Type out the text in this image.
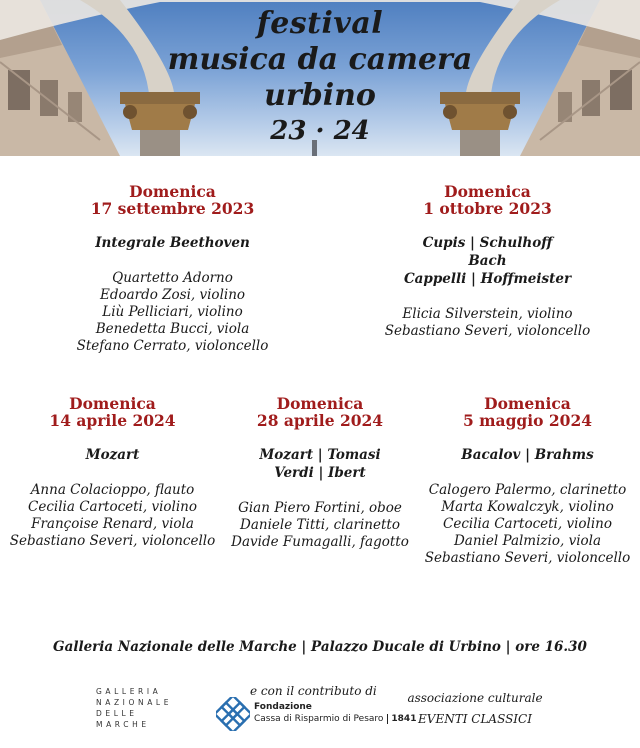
festival
musica da camera
urbino
23 · 24
Domenica
17 settembre 2023
Integrale Beethoven
Quartetto Adorno
Edoardo Zosi, violino
Liù Pelliciari, violino
Benedetta Bucci, viola
Stefano Cerrato, violoncello
Domenica
1 ottobre 2023
Cupis | Schulhoff
Bach
Cappelli | Hoffmeister
Elicia Silverstein, violino
Sebastiano Severi, violoncello
Domenica
14 aprile 2024
Mozart
Anna Colacioppo, flauto
Cecilia Cartoceti, violino
Françoise Renard, viola
Sebastiano Severi, violoncello
Domenica
28 aprile 2024
Mozart | Tomasi
Verdi | Ibert
Gian Piero Fortini, oboe
Daniele Titti, clarinetto
Davide Fumagalli, fagotto
Domenica
5 maggio 2024
Bacalov | Brahms
Calogero Palermo, clarinetto
Marta Kowalczyk, violino
Cecilia Cartoceti, violino
Daniel Palmizio, viola
Sebastiano Severi, violoncello
Galleria Nazionale delle Marche | Palazzo Ducale di Urbino | ore 16.30
GALLERIA
NAZIONALE
DELLE
MARCHE
e con il contributo di
Fondazione
Cassa di Risparmio di Pesaro 1841
associazione culturale
EVENTI CLASSICI
